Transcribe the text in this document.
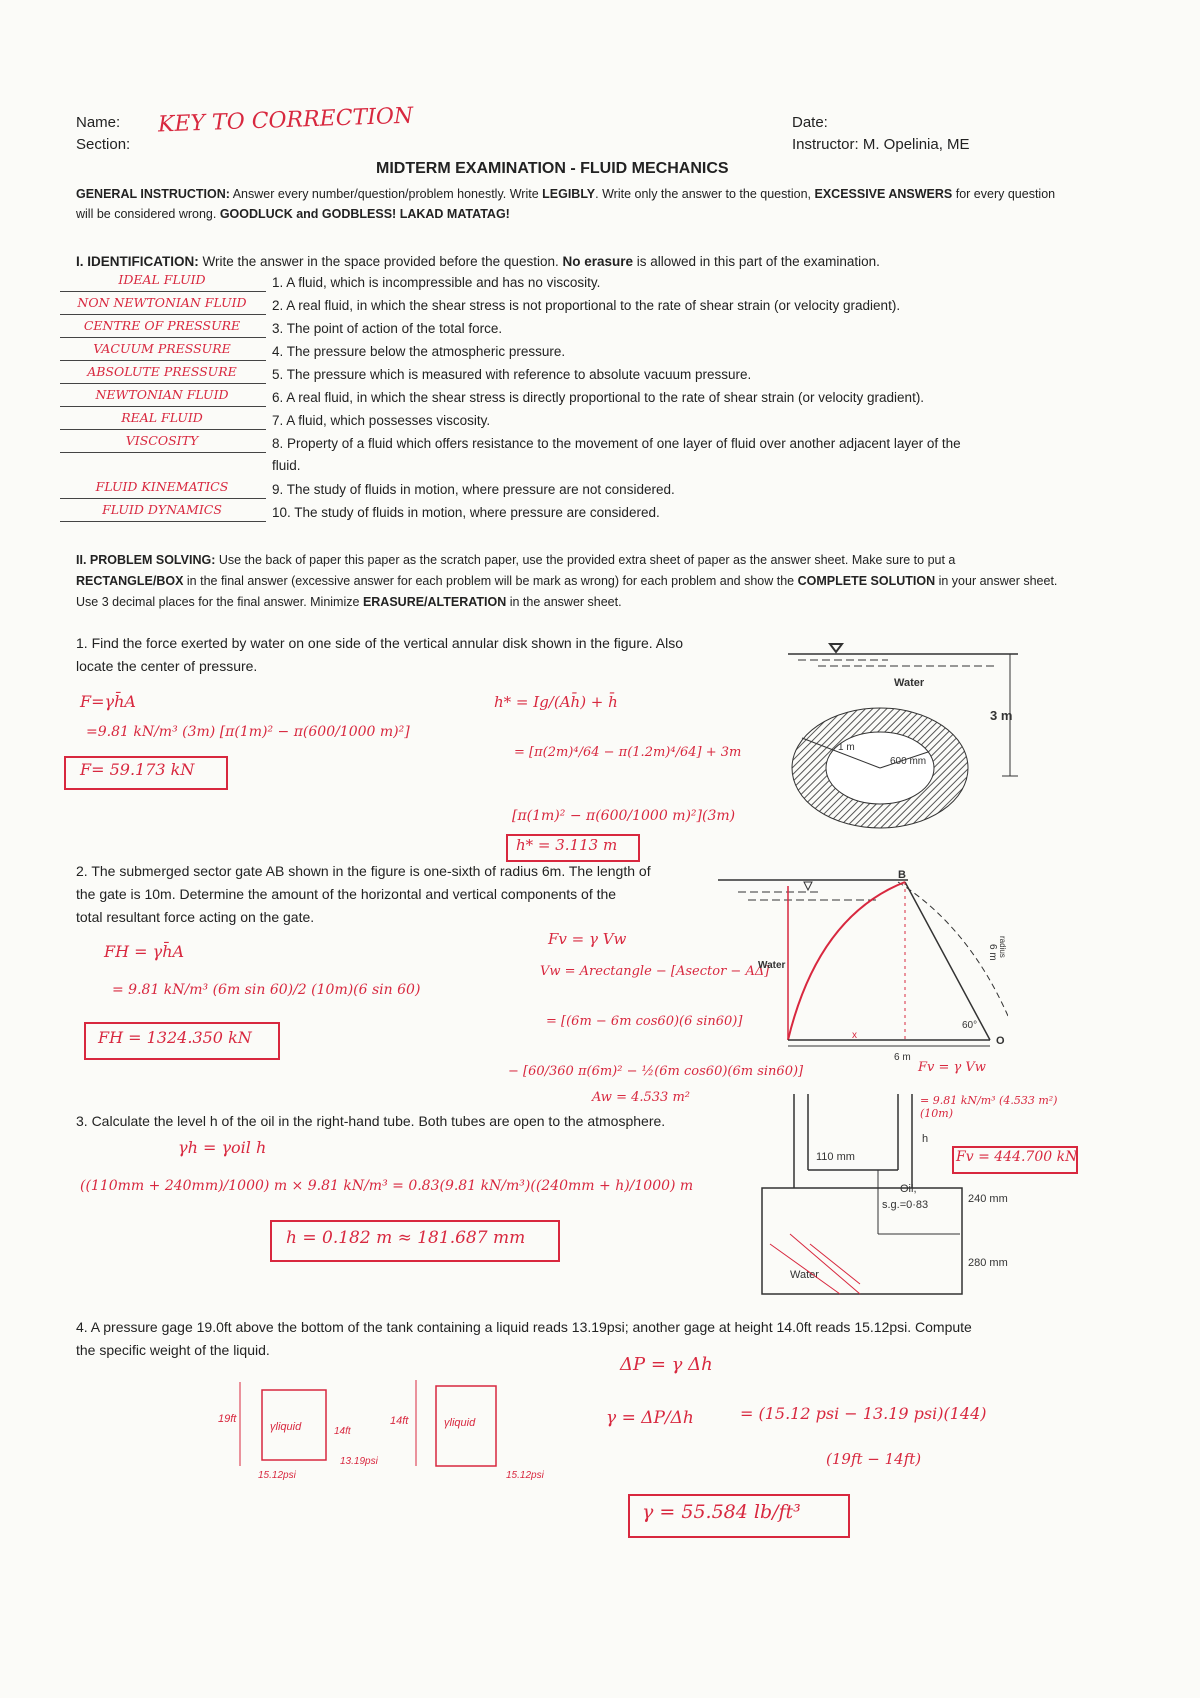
Name:
Section:
KEY TO CORRECTION	Date:
Instructor: M. Opelinia, ME
MIDTERM EXAMINATION - FLUID MECHANICS
GENERAL INSTRUCTION: Answer every number/question/problem honestly. Write LEGIBLY. Write only the answer to the question, EXCESSIVE ANSWERS for every question will be considered wrong. GOODLUCK and GODBLESS! LAKAD MATATAG!
I. IDENTIFICATION: Write the answer in the space provided before the question. No erasure is allowed in this part of the examination.
IDEAL FLUID	1. A fluid, which is incompressible and has no viscosity.
NON NEWTONIAN FLUID	2. A real fluid, in which the shear stress is not proportional to the rate of shear strain (or velocity gradient).
CENTRE OF PRESSURE	3. The point of action of the total force.
VACUUM PRESSURE	4. The pressure below the atmospheric pressure.
ABSOLUTE PRESSURE	5. The pressure which is measured with reference to absolute vacuum pressure.
NEWTONIAN FLUID	6. A real fluid, in which the shear stress is directly proportional to the rate of shear strain (or velocity gradient).
REAL FLUID	7. A fluid, which possesses viscosity.
VISCOSITY	8. Property of a fluid which offers resistance to the movement of one layer of fluid over another adjacent layer of the
fluid.
FLUID KINEMATICS	9. The study of fluids in motion, where pressure are not considered.
FLUID DYNAMICS	10. The study of fluids in motion, where pressure are considered.
II. PROBLEM SOLVING: Use the back of paper this paper as the scratch paper, use the provided extra sheet of paper as the answer sheet. Make sure to put a RECTANGLE/BOX in the final answer (excessive answer for each problem will be mark as wrong) for each problem and show the COMPLETE SOLUTION in your answer sheet. Use 3 decimal places for the final answer. Minimize ERASURE/ALTERATION in the answer sheet.
1. Find the force exerted by water on one side of the vertical annular disk shown in the figure. Also
locate the center of pressure.
F=γh̄A
=9.81 kN/m³ (3m) [π(1m)² − π(600/1000 m)²]
F= 59.173 kN
h* = Ig/(Ah̄) + h̄
= [π(2m)⁴/64 − π(1.2m)⁴/64] + 3m
[π(1m)² − π(600/1000 m)²](3m)
h* = 3.113 m
Water
3 m
1 m
600 mm
2. The submerged sector gate AB shown in the figure is one-sixth of radius 6m. The length of
the gate is 10m. Determine the amount of the horizontal and vertical components of the
total resultant force acting on the gate.
FH = γh̄A
= 9.81 kN/m³ (6m sin 60)/2 (10m)(6 sin 60)
FH = 1324.350 kN
Fv = γ Vw
Vw = Arectangle − [Asector − AΔ]
= [(6m − 6m cos60)(6 sin60)]
− [60/360 π(6m)² − ½(6m cos60)(6m sin60)]
Aw = 4.533 m²
Fv = γ Vw
= 9.81 kN/m³ (4.533 m²)(10m)
Fv = 444.700 kN
B
O
Water
60°
6 m
x
6 m radius
3. Calculate the level h of the oil in the right-hand tube. Both tubes are open to the atmosphere.
γh = γoil h
((110mm + 240mm)/1000) m × 9.81 kN/m³ = 0.83(9.81 kN/m³)((240mm + h)/1000) m
h = 0.182 m ≈ 181.687 mm
110 mm
h
Oil,
s.g.=0·83	240 mm
280 mm
Water
4. A pressure gage 19.0ft above the bottom of the tank containing a liquid reads 13.19psi; another gage at height 14.0ft reads 15.12psi. Compute
the specific weight of the liquid.
19ft
γliquid	14ft
15.12psi
13.19psi
γliquid
14ft
15.12psi
ΔP = γ Δh
γ = ΔP/Δh	= (15.12 psi − 13.19 psi)(144)
(19ft − 14ft)
γ = 55.584 lb/ft³
